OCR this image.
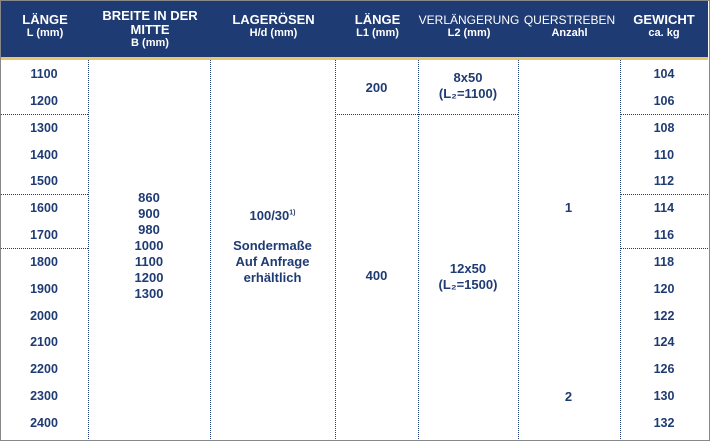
LÄNGE
L (mm)
BREITE IN DER MITTE
B (mm)
LAGERÖSEN
H/d (mm)
LÄNGE
L1 (mm)
VERLÄNGERUNG
L2 (mm)
QUERSTREBEN
Anzahl
GEWICHT
ca. kg
1100
1200
1300
1400
1500
1600
1700
1800
1900
2000
2100
2200
2300
2400
860
900
980
1000
1100
1200
1300
100/30$^{1)}$
Sondermaße
Auf Anfrage
erhältlich
200
400
8x50
(L₂=1100)
12x50
(L₂=1500)
1
2
104
106
108
110
112
114
116
118
120
122
124
126
130
132
